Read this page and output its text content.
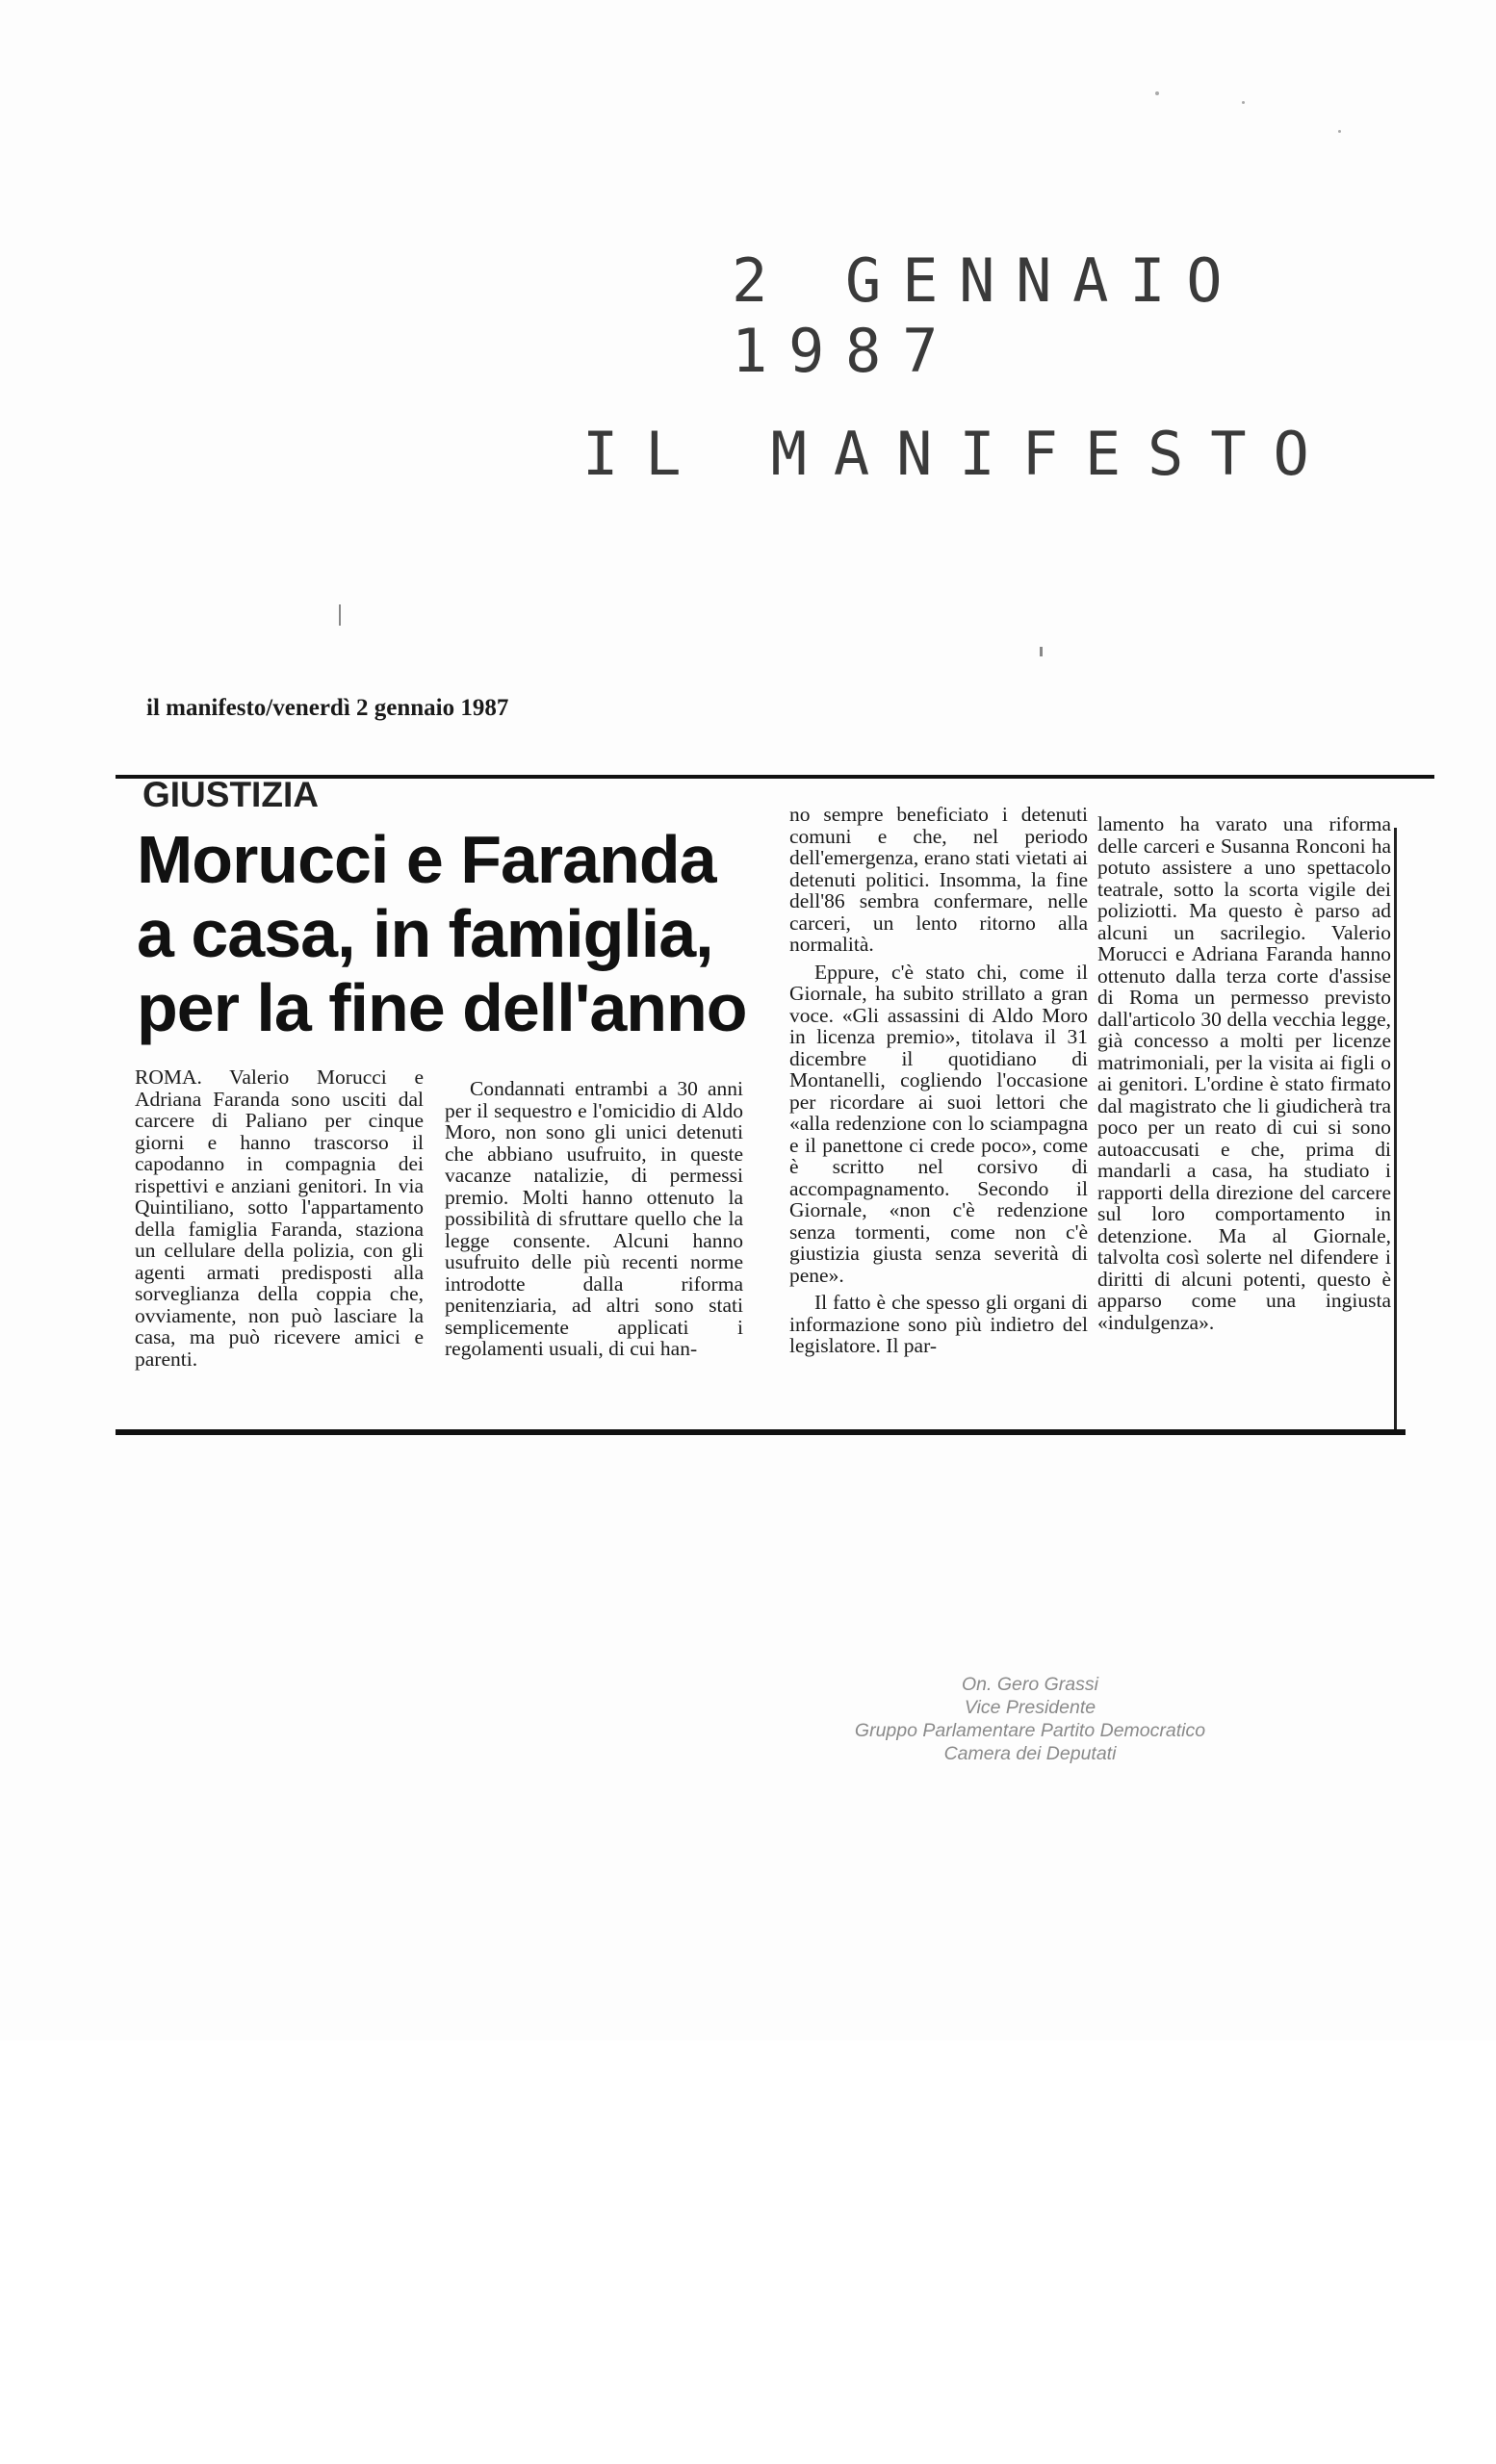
2 GENNAIO 1987
IL MANIFESTO
il manifesto/venerdì 2 gennaio 1987
GIUSTIZIA
Morucci e Faranda a casa, in famiglia, per la fine dell'anno

ROMA. Valerio Morucci e Adriana Faranda sono usciti dal carcere di Paliano per cinque giorni e hanno trascorso il capodanno in compagnia dei rispettivi e anziani genitori. In via Quintiliano, sotto l'appartamento della famiglia Faranda, staziona un cellulare della polizia, con gli agenti armati predisposti alla sorveglianza della coppia che, ovviamente, non può lasciare la casa, ma può ricevere amici e parenti.

Condannati entrambi a 30 anni per il sequestro e l'omicidio di Aldo Moro, non sono gli unici detenuti che abbiano usufruito, in queste vacanze natalizie, di permessi premio. Molti hanno ottenuto la possibilità di sfruttare quello che la legge consente. Alcuni hanno usufruito delle più recenti norme introdotte dalla riforma penitenziaria, ad altri sono stati semplicemente applicati i regolamenti usuali, di cui han-

no sempre beneficiato i detenuti comuni e che, nel periodo dell'emergenza, erano stati vietati ai detenuti politici. Insomma, la fine dell'86 sembra confermare, nelle carceri, un lento ritorno alla normalità.

Eppure, c'è stato chi, come il Giornale, ha subito strillato a gran voce. «Gli assassini di Aldo Moro in licenza premio», titolava il 31 dicembre il quotidiano di Montanelli, cogliendo l'occasione per ricordare ai suoi lettori che «alla redenzione con lo sciampagna e il panettone ci crede poco», come è scritto nel corsivo di accompagnamento. Secondo il Giornale, «non c'è redenzione senza tormenti, come non c'è giustizia giusta senza severità di pene».

Il fatto è che spesso gli organi di informazione sono più indietro del legislatore. Il par-

lamento ha varato una riforma delle carceri e Susanna Ronconi ha potuto assistere a uno spettacolo teatrale, sotto la scorta vigile dei poliziotti. Ma questo è parso ad alcuni un sacrilegio. Valerio Morucci e Adriana Faranda hanno ottenuto dalla terza corte d'assise di Roma un permesso previsto dall'articolo 30 della vecchia legge, già concesso a molti per licenze matrimoniali, per la visita ai figli o ai genitori. L'ordine è stato firmato dal magistrato che li giudicherà tra poco per un reato di cui si sono autoaccusati e che, prima di mandarli a casa, ha studiato i rapporti della direzione del carcere sul loro comportamento in detenzione. Ma al Giornale, talvolta così solerte nel difendere i diritti di alcuni potenti, questo è apparso come una ingiusta «indulgenza».

On. Gero Grassi
Vice Presidente
Gruppo Parlamentare Partito Democratico
Camera dei Deputati
